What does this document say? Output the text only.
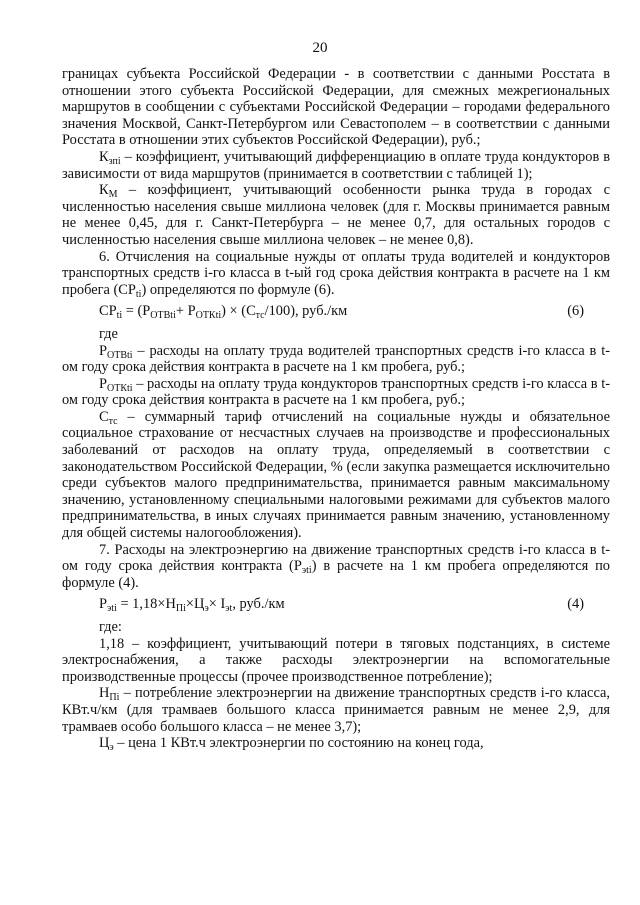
20

границах субъекта Российской Федерации - в соответствии с данными Росстата в отношении этого субъекта Российской Федерации, для смежных межрегиональных маршрутов в сообщении с субъектами Российской Федерации – городами федерального значения Москвой, Санкт-Петербургом или Севастополем – в соответствии с данными Росстата в отношении этих субъектов Российской Федерации), руб.;

$К_{зпi}$ – коэффициент, учитывающий дифференциацию в оплате труда кондукторов в зависимости от вида маршрутов (принимается в соответствии с таблицей 1);

$К_М$ – коэффициент, учитывающий особенности рынка труда в городах с численностью населения свыше миллиона человек (для г. Москвы принимается равным не менее 0,45, для г. Санкт-Петербурга – не менее 0,7, для остальных городов с численностью населения свыше миллиона человек – не менее 0,8).

6. Отчисления на социальные нужды от оплаты труда водителей и кондукторов транспортных средств i-го класса в t-ый год срока действия контракта в расчете на 1 км пробега $(СР_{ti})$ определяются по формуле (6).

$СР_{ti} = (Р_{ОТВti}+ Р_{ОТКti}) \times (С_{тс}/100)$, руб./км	(6)

где

$Р_{ОТВti}$ – расходы на оплату труда водителей транспортных средств i-го класса в t-ом году срока действия контракта в расчете на 1 км пробега, руб.;

$Р_{ОТКti}$ – расходы на оплату труда кондукторов транспортных средств i-го класса в t-ом году срока действия контракта в расчете на 1 км пробега, руб.;

$С_{тс}$ – суммарный тариф отчислений на социальные нужды и обязательное социальное страхование от несчастных случаев на производстве и профессиональных заболеваний от расходов на оплату труда, определяемый в соответствии с законодательством Российской Федерации, % (если закупка размещается исключительно среди субъектов малого предпринимательства, принимается равным максимальному значению, установленному специальными налоговыми режимами для субъектов малого предпринимательства, в иных случаях принимается равным значению, установленному для общей системы налогообложения).

7. Расходы на электроэнергию на движение транспортных средств i-го класса в t-ом году срока действия контракта $(Р_{эti})$ в расчете на 1 км пробега определяются по формуле (4).

$Р_{эti} = 1,18\times Н_{Пi}\times Ц_э\times I_{эt}$, руб./км	(4)

где:

1,18 – коэффициент, учитывающий потери в тяговых подстанциях, в системе электроснабжения, а также расходы электроэнергии на вспомогательные производственные процессы (прочее производственное потребление);

$Н_{Пi}$ – потребление электроэнергии на движение транспортных средств i-го класса, КВт.ч/км (для трамваев большого класса принимается равным не менее 2,9, для трамваев особо большого класса – не менее 3,7);

$Ц_э$ – цена 1 КВт.ч электроэнергии по состоянию на конец года,
